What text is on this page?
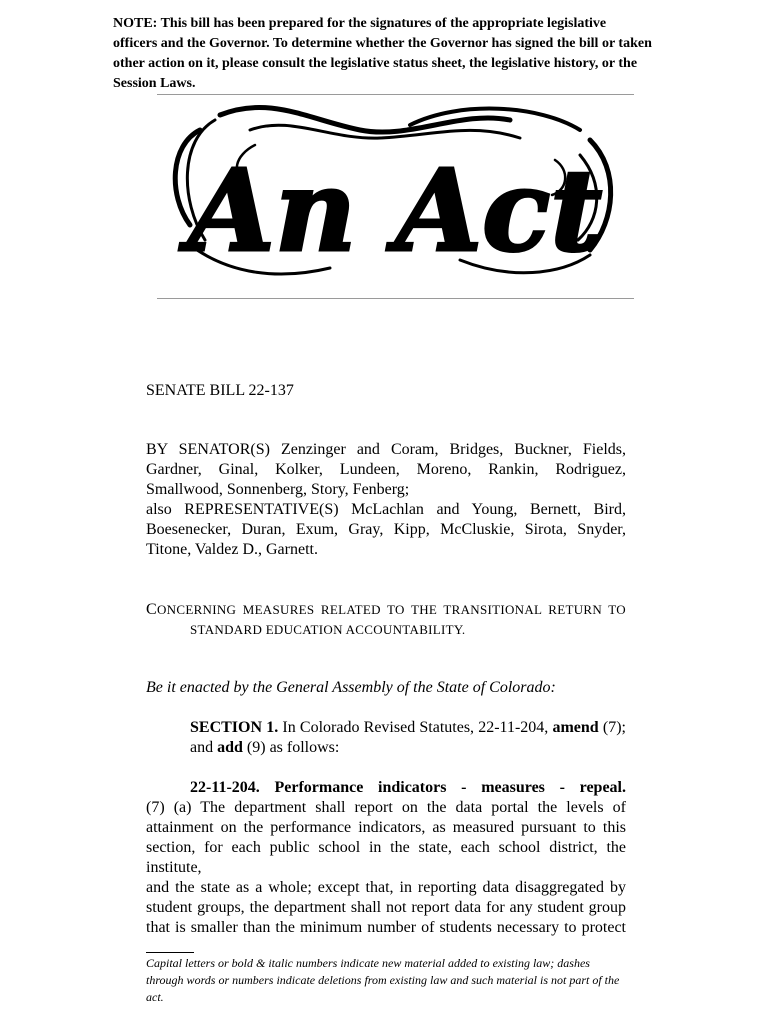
NOTE: This bill has been prepared for the signatures of the appropriate legislative officers and the Governor. To determine whether the Governor has signed the bill or taken other action on it, please consult the legislative status sheet, the legislative history, or the Session Laws.
An Act
SENATE BILL 22-137

BY SENATOR(S) Zenzinger and Coram, Bridges, Buckner, Fields, Gardner, Ginal, Kolker, Lundeen, Moreno, Rankin, Rodriguez, Smallwood, Sonnenberg, Story, Fenberg;

also REPRESENTATIVE(S) McLachlan and Young, Bernett, Bird, Boesenecker, Duran, Exum, Gray, Kipp, McCluskie, Sirota, Snyder, Titone, Valdez D., Garnett.

CONCERNING MEASURES RELATED TO THE TRANSITIONAL RETURN TO
STANDARD EDUCATION ACCOUNTABILITY.
Be it enacted by the General Assembly of the State of Colorado:

SECTION 1. In Colorado Revised Statutes, 22-11-204, amend (7); and add (9) as follows:

22-11-204. Performance indicators - measures - repeal.

(7) (a) The department shall report on the data portal the levels of

attainment on the performance indicators, as measured pursuant to this

section, for each public school in the state, each school district, the institute,

and the state as a whole; except that, in reporting data disaggregated by

student groups, the department shall not report data for any student group

that is smaller than the minimum number of students necessary to protect

Capital letters or bold & italic numbers indicate new material added to existing law; dashes through words or numbers indicate deletions from existing law and such material is not part of the act.
